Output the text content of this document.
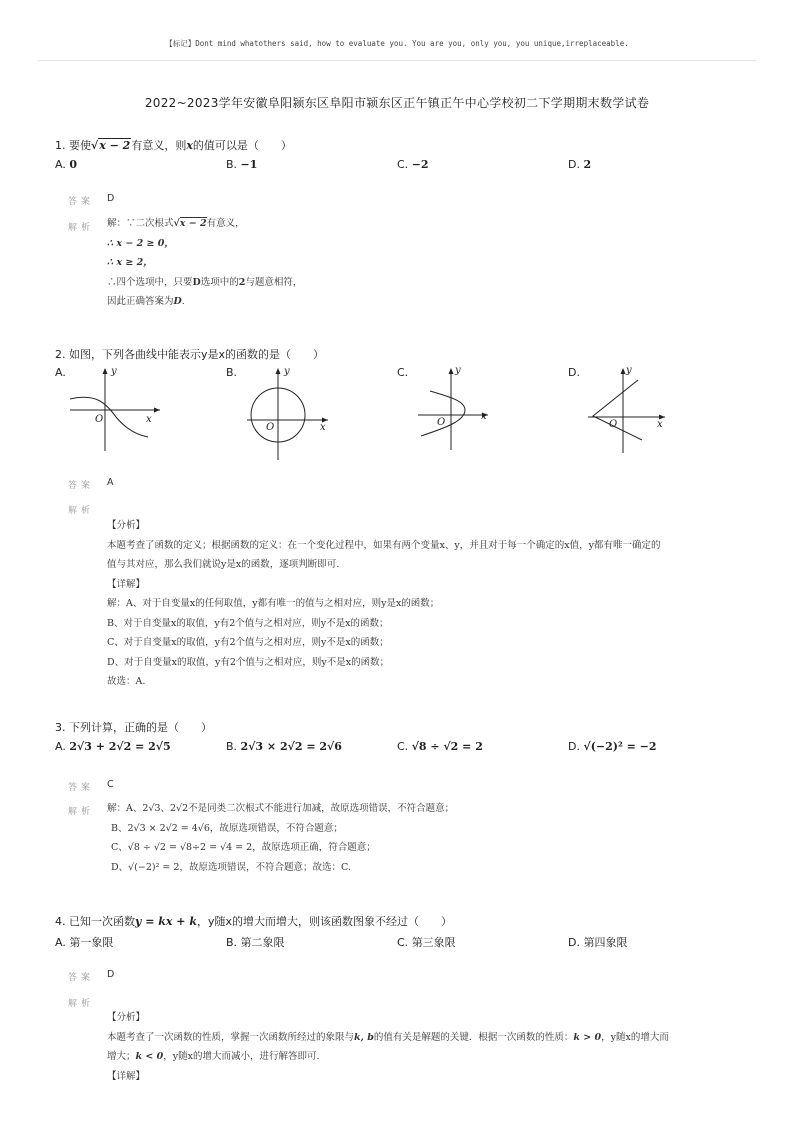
【标记】Dont mind whatothers said, how to evaluate you. You are you, only you, you unique,irreplaceable.
2022~2023学年安徽阜阳颍东区阜阳市颍东区正午镇正午中心学校初二下学期期末数学试卷
1. 要使√x − 2有意义，则x的值可以是（　　）
A. 0	B. −1	C. −2	D. 2
答案 D
解析 解：∵二次根式√x − 2有意义，
∴ x − 2 ≥ 0，
∴ x ≥ 2，
∴四个选项中，只要D选项中的2与题意相符，
因此正确答案为D.
2. 如图，下列各曲线中能表示y是x的函数的是（　　）
A.	B.	C.	D.
y
x
O
y
x
O
y
x
O
y
x
O
答案 A
解析
【分析】
本题考查了函数的定义；根据函数的定义：在一个变化过程中，如果有两个变量x、y，并且对于每一个确定的x值，y都有唯一确定的
值与其对应，那么我们就说y是x的函数，逐项判断即可.
【详解】
解：A、对于自变量x的任何取值，y都有唯一的值与之相对应，则y是x的函数；
B、对于自变量x的取值，y有2个值与之相对应，则y不是x的函数；
C、对于自变量x的取值，y有2个值与之相对应，则y不是x的函数；
D、对于自变量x的取值，y有2个值与之相对应，则y不是x的函数；
故选：A.
3. 下列计算，正确的是（　　）
A. 2√3 + 2√2 = 2√5	B. 2√3 × 2√2 = 2√6	C. √8 ÷ √2 = 2	D. √(−2)² = −2
答案 C
解析 解：A、2√3、2√2不是同类二次根式不能进行加减，故原选项错误，不符合题意；
B、2√3 × 2√2 = 4√6，故原选项错误，不符合题意；
C、√8 ÷ √2 = √8÷2 = √4 = 2，故原选项正确，符合题意；
D、√(−2)² = 2，故原选项错误，不符合题意；故选：C.
4. 已知一次函数y = kx + k，y随x的增大而增大，则该函数图象不经过（　　）
A. 第一象限	B. 第二象限	C. 第三象限	D. 第四象限
答案 D
解析
【分析】
本题考查了一次函数的性质，掌握一次函数所经过的象限与k, b的值有关是解题的关键．根据一次函数的性质：k > 0，y随x的增大而
增大；k < 0，y随x的增大而减小，进行解答即可.
【详解】
